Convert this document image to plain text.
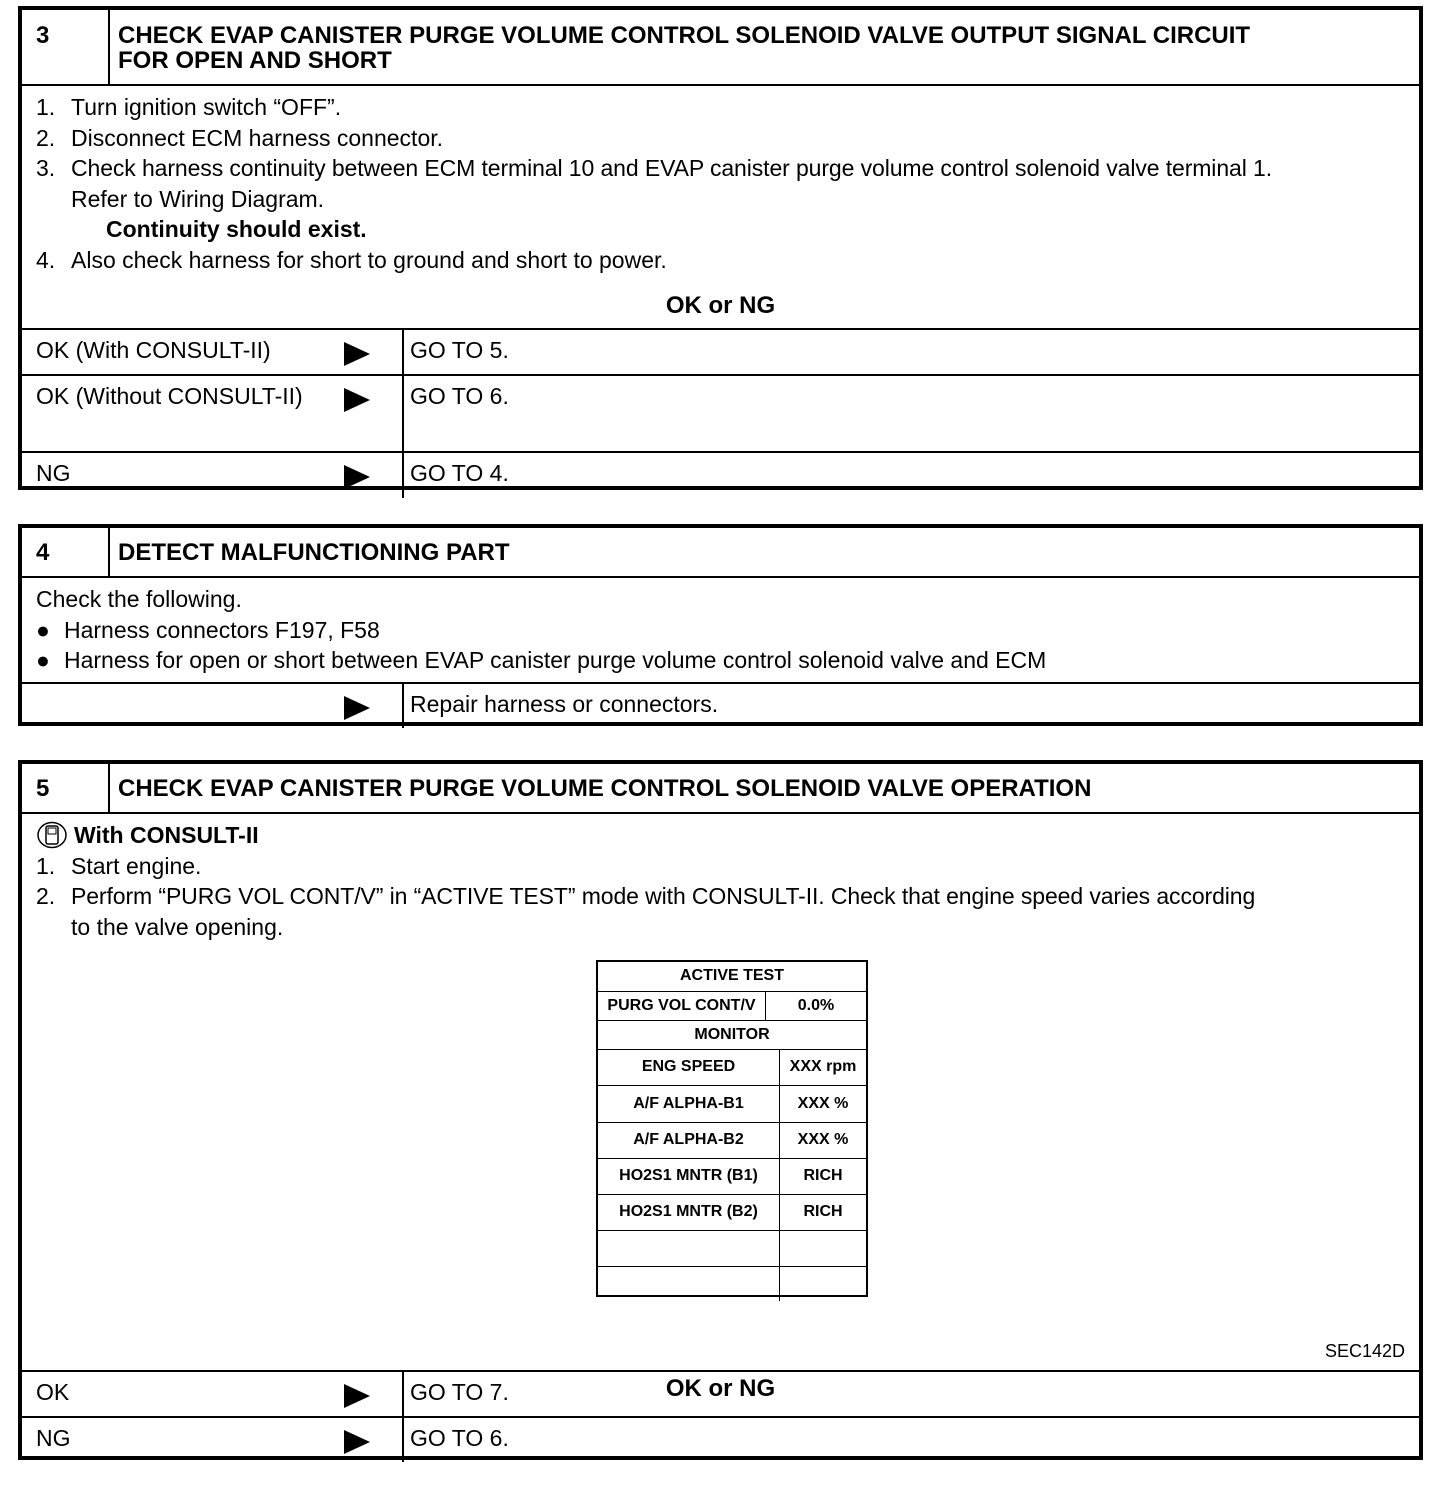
3	CHECK EVAP CANISTER PURGE VOLUME CONTROL SOLENOID VALVE OUTPUT SIGNAL CIRCUIT
FOR OPEN AND SHORT
1. Turn ignition switch “OFF”.
2. Disconnect ECM harness connector.
3. Check harness continuity between ECM terminal 10 and EVAP canister purge volume control solenoid valve terminal 1.
Refer to Wiring Diagram.
Continuity should exist.
4. Also check harness for short to ground and short to power.
OK or NG
OK (With CONSULT-II)	GO TO 5.
OK (Without CONSULT-II)	GO TO 6.
NG	GO TO 4.
4	DETECT MALFUNCTIONING PART
Check the following.
● Harness connectors F197, F58
● Harness for open or short between EVAP canister purge volume control solenoid valve and ECM
Repair harness or connectors.
5	CHECK EVAP CANISTER PURGE VOLUME CONTROL SOLENOID VALVE OPERATION
With CONSULT-II
1. Start engine.
2. Perform “PURG VOL CONT/V” in “ACTIVE TEST” mode with CONSULT-II. Check that engine speed varies according
to the valve opening.
ACTIVE TEST
PURG VOL CONT/V	0.0%
MONITOR
ENG SPEED	XXX rpm
A/F ALPHA-B1	XXX %
A/F ALPHA-B2	XXX %
HO2S1 MNTR (B1)	RICH
HO2S1 MNTR (B2)	RICH
SEC142D
OK or NG
OK	GO TO 7.
NG	GO TO 6.
